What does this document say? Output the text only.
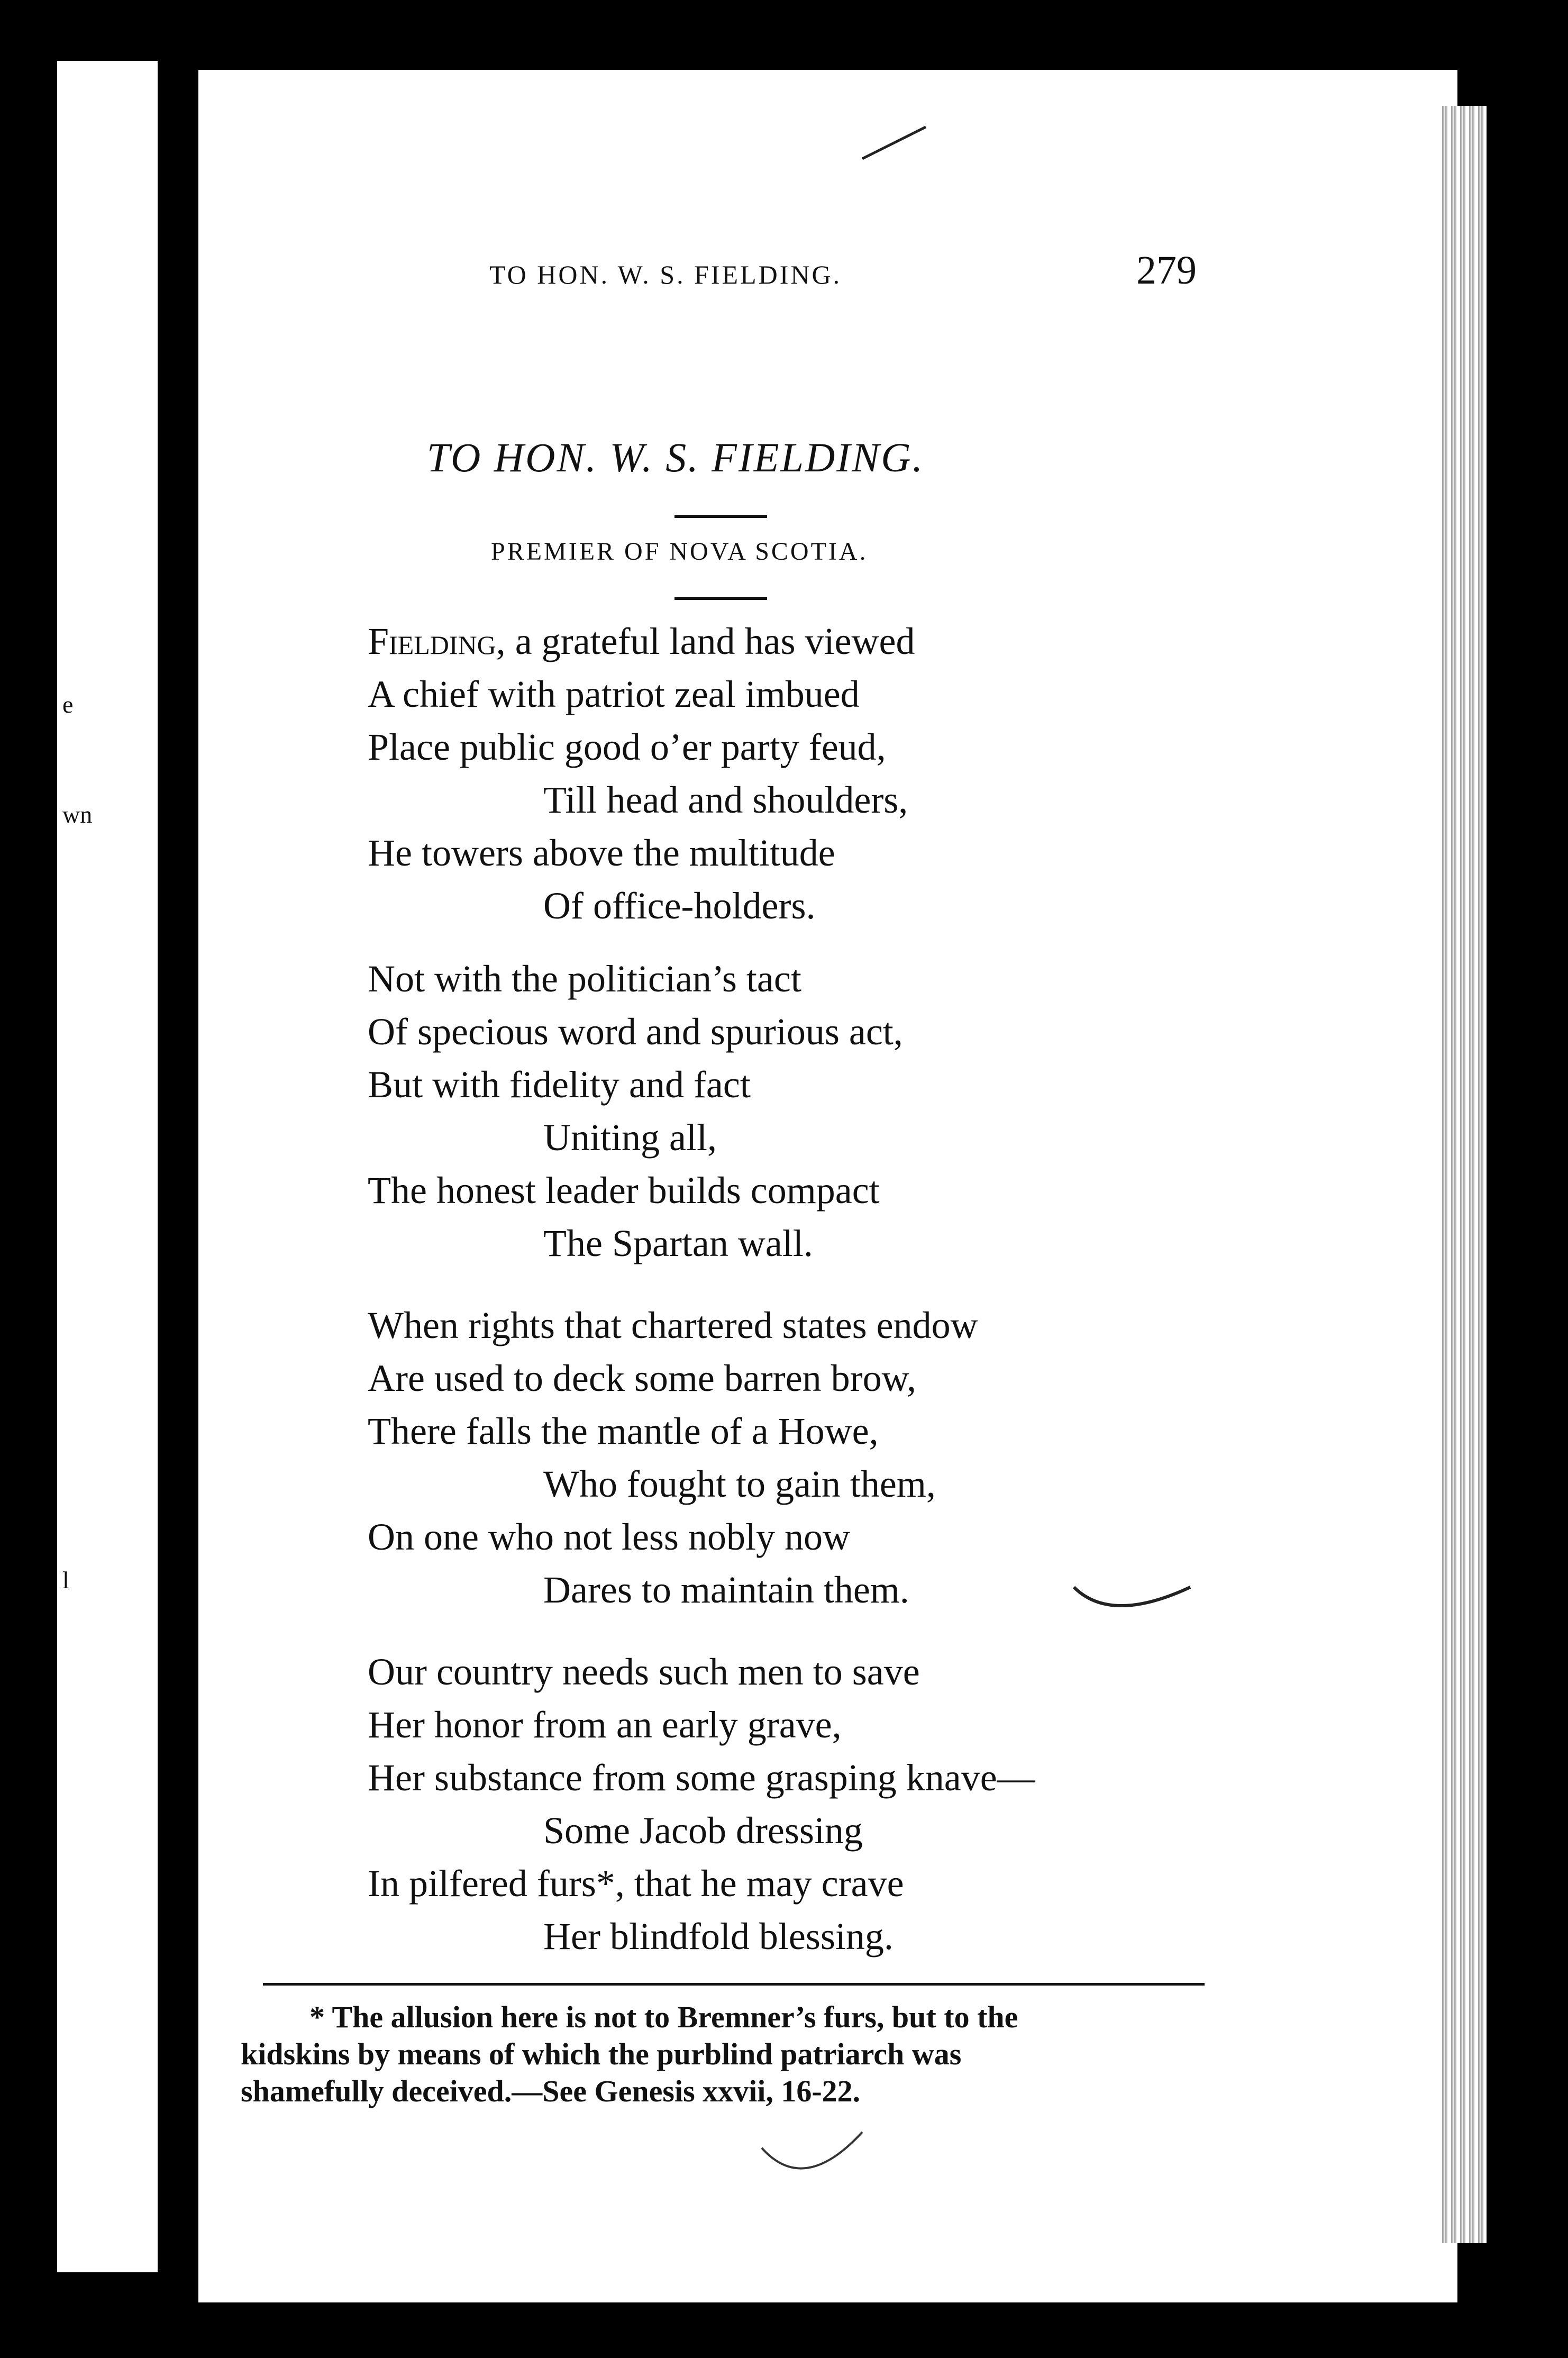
e
wn
l
TO HON. W. S. FIELDING.	279
TO HON. W. S. FIELDING.
PREMIER OF NOVA SCOTIA.
Fielding, a grateful land has viewed
A chief with patriot zeal imbued
Place public good o’er party feud,
Till head and shoulders,
He towers above the multitude
Of office-holders.
Not with the politician’s tact
Of specious word and spurious act,
But with fidelity and fact
Uniting all,
The honest leader builds compact
The Spartan wall.
When rights that chartered states endow
Are used to deck some barren brow,
There falls the mantle of a Howe,
Who fought to gain them,
On one who not less nobly now
Dares to maintain them.
Our country needs such men to save
Her honor from an early grave,
Her substance from some grasping knave—
Some Jacob dressing
In pilfered furs*, that he may crave
Her blindfold blessing.
* The allusion here is not to Bremner’s furs, but to the
kidskins by means of which the purblind patriarch was
shamefully deceived.—See Genesis xxvii, 16-22.
